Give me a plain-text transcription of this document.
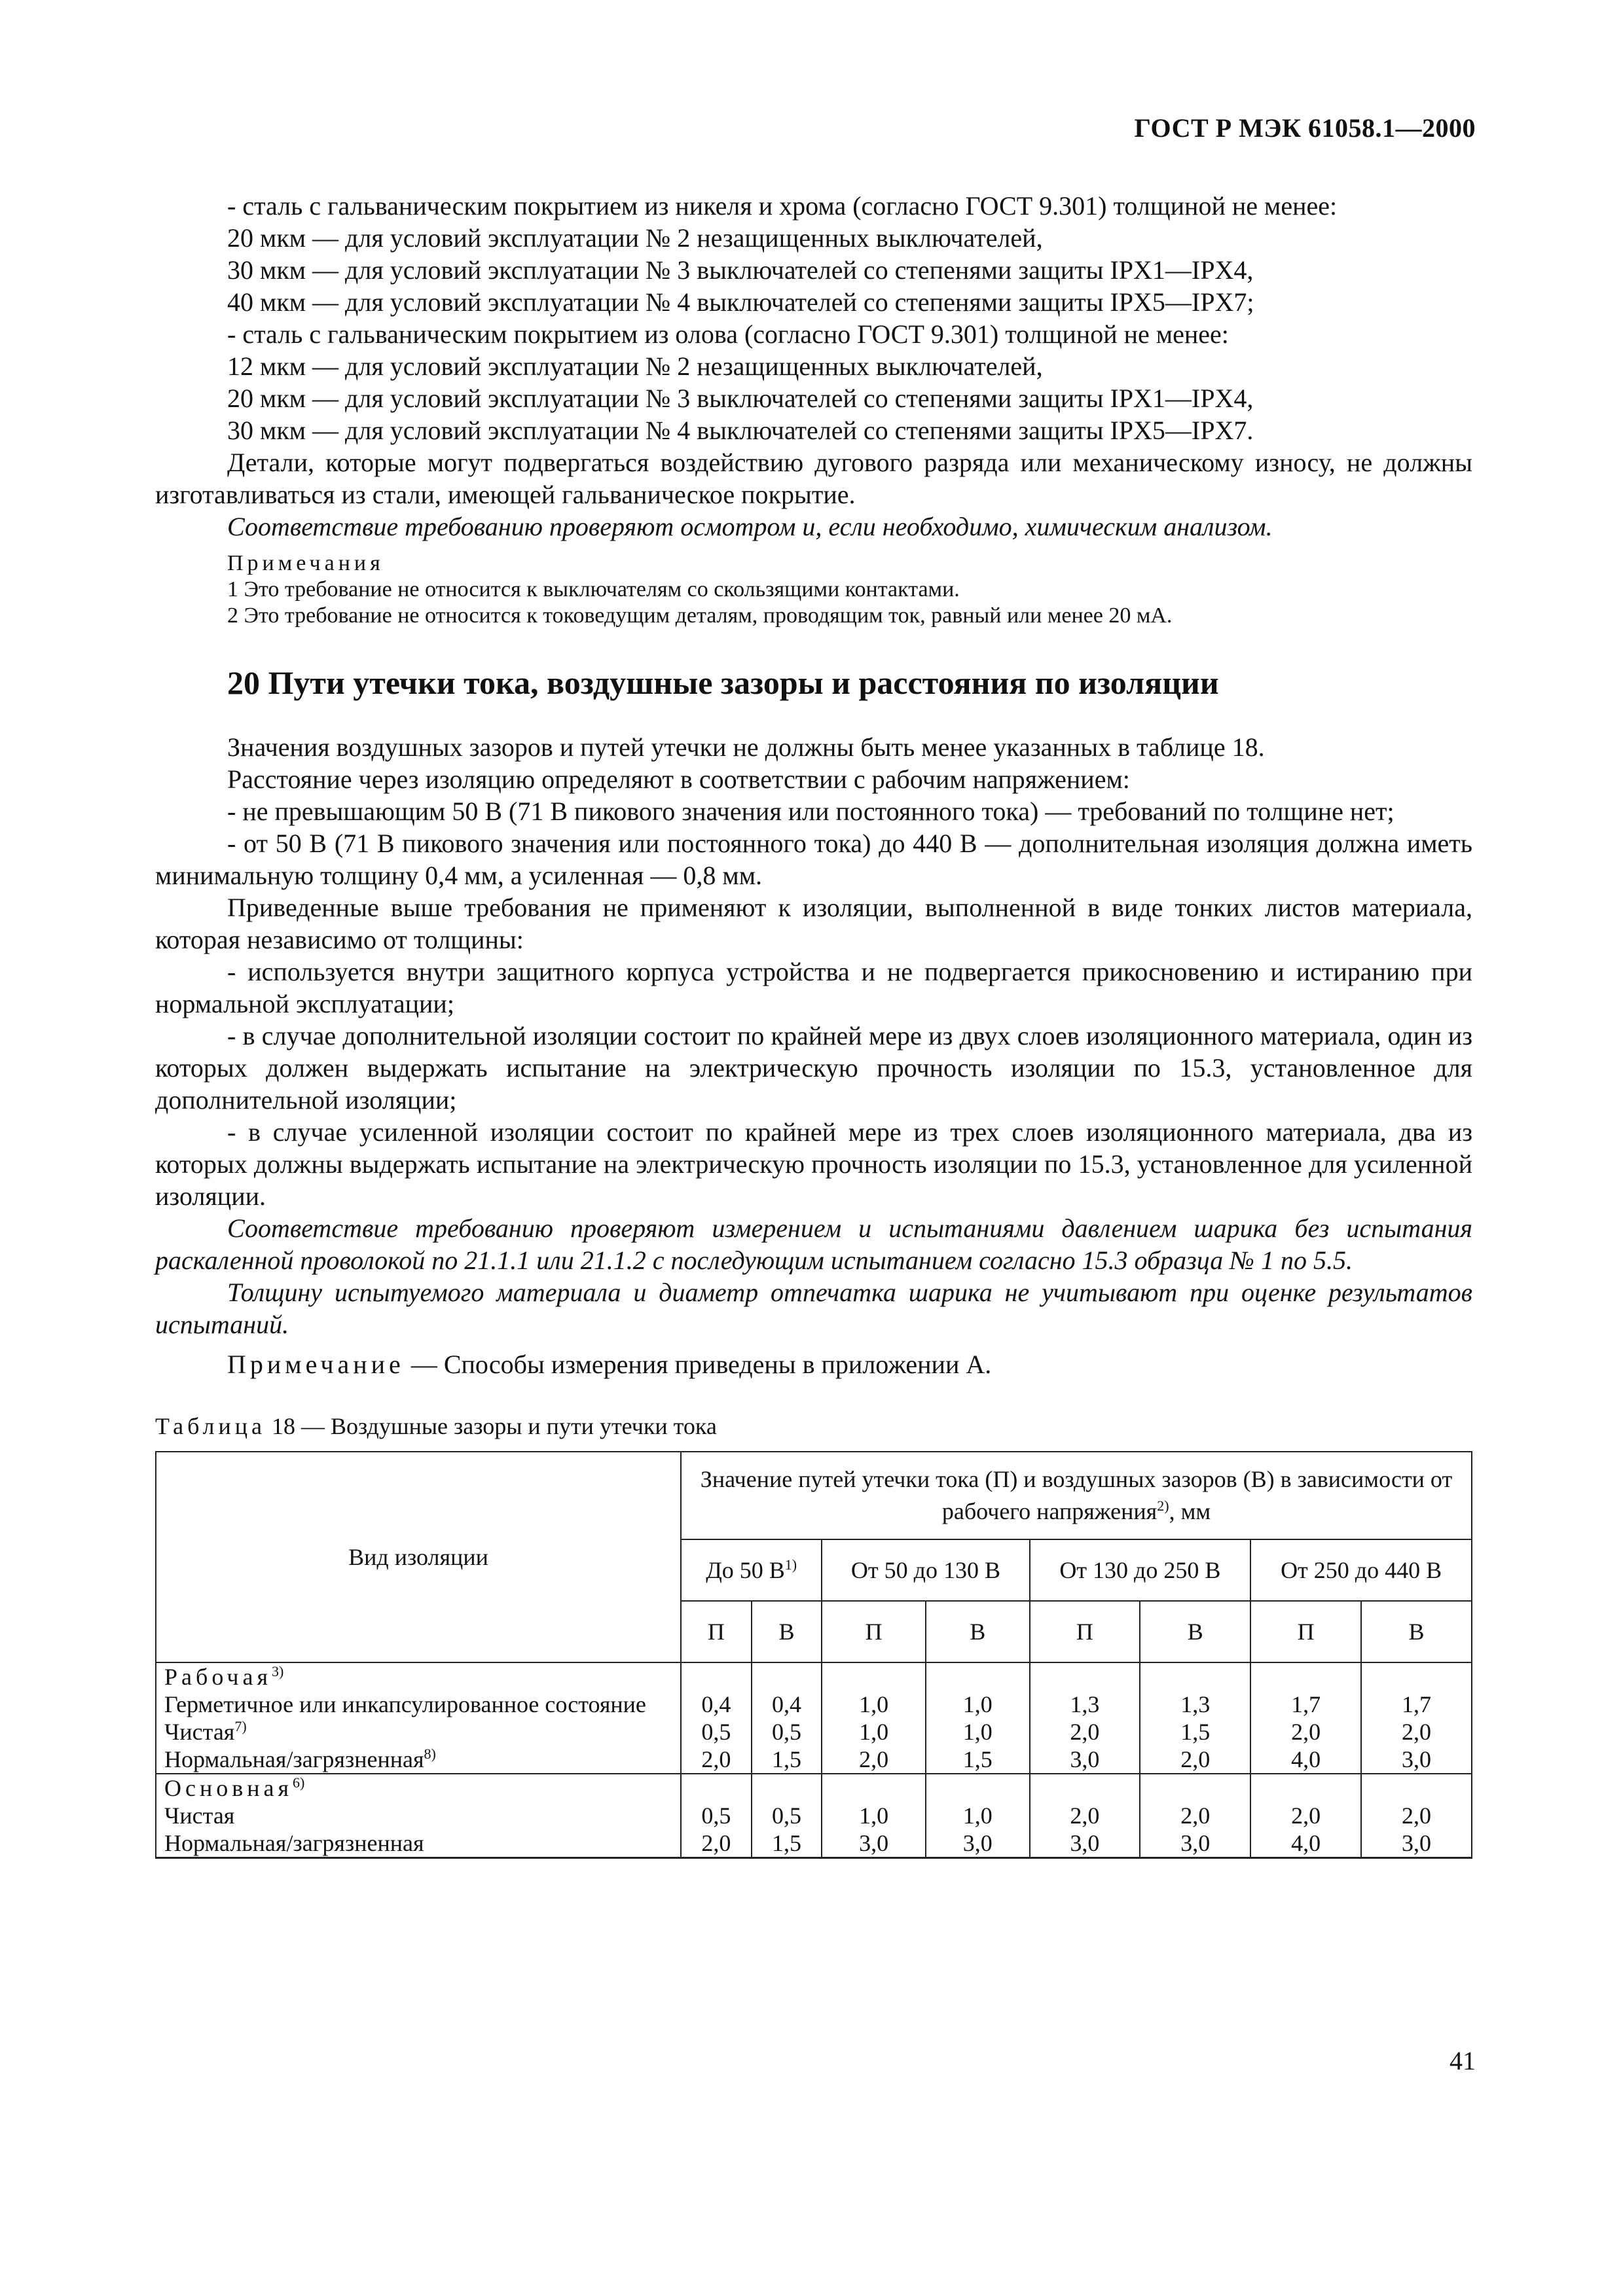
ГОСТ Р МЭК 61058.1—2000

- сталь с гальваническим покрытием из никеля и хрома (согласно ГОСТ 9.301) толщиной не менее:

20 мкм — для условий эксплуатации № 2 незащищенных выключателей,

30 мкм — для условий эксплуатации № 3 выключателей со степенями защиты IPX1—IPX4,

40 мкм — для условий эксплуатации № 4 выключателей со степенями защиты IPX5—IPX7;

- сталь с гальваническим покрытием из олова (согласно ГОСТ 9.301) толщиной не менее:

12 мкм — для условий эксплуатации № 2 незащищенных выключателей,

20 мкм — для условий эксплуатации № 3 выключателей со степенями защиты IPX1—IPX4,

30 мкм — для условий эксплуатации № 4 выключателей со степенями защиты IPX5—IPX7.

Детали, которые могут подвергаться воздействию дугового разряда или механическому износу, не должны изготавливаться из стали, имеющей гальваническое покрытие.

Соответствие требованию проверяют осмотром и, если необходимо, химическим анализом.

Примечания

1 Это требование не относится к выключателям со скользящими контактами.

2 Это требование не относится к токоведущим деталям, проводящим ток, равный или менее 20 мА.

20 Пути утечки тока, воздушные зазоры и расстояния по изоляции

Значения воздушных зазоров и путей утечки не должны быть менее указанных в таблице 18.

Расстояние через изоляцию определяют в соответствии с рабочим напряжением:

- не превышающим 50 В (71 В пикового значения или постоянного тока) — требований по толщине нет;

- от 50 В (71 В пикового значения или постоянного тока) до 440 В — дополнительная изоляция должна иметь минимальную толщину 0,4 мм, а усиленная — 0,8 мм.

Приведенные выше требования не применяют к изоляции, выполненной в виде тонких листов материала, которая независимо от толщины:

- используется внутри защитного корпуса устройства и не подвергается прикосновению и истиранию при нормальной эксплуатации;

- в случае дополнительной изоляции состоит по крайней мере из двух слоев изоляционного материала, один из которых должен выдержать испытание на электрическую прочность изоляции по 15.3, установленное для дополнительной изоляции;

- в случае усиленной изоляции состоит по крайней мере из трех слоев изоляционного материала, два из которых должны выдержать испытание на электрическую прочность изоляции по 15.3, установленное для усиленной изоляции.

Соответствие требованию проверяют измерением и испытаниями давлением шарика без испытания раскаленной проволокой по 21.1.1 или 21.1.2 с последующим испытанием согласно 15.3 образца № 1 по 5.5.

Толщину испытуемого материала и диаметр отпечатка шарика не учитывают при оценке результатов испытаний.

Примечание — Способы измерения приведены в приложении А.

Таблица 18 — Воздушные зазоры и пути утечки тока
Вид изоляции	Значение путей утечки тока (П) и воздушных зазоров (В) в зависимости от рабочего напряжения$^{2)}$, мм							
	До 50 $В^{1)}$		От 50 до 130 В		От 130 до 250 В		От 250 до 440 В	
	П	В	П	В	П	В	П	В
Рабочая$^{3)}$								
Герметичное или инкапсулированное состояние	0,4	0,4	1,0	1,0	1,3	1,3	1,7	1,7
Чистая$^{7)}$	0,5	0,5	1,0	1,0	2,0	1,5	2,0	2,0
Нормальная/загрязненная$^{8)}$	2,0	1,5	2,0	1,5	3,0	2,0	4,0	3,0
Основная$^{6)}$								
Чистая	0,5	0,5	1,0	1,0	2,0	2,0	2,0	2,0
Нормальная/загрязненная	2,0	1,5	3,0	3,0	3,0	3,0	4,0	3,0
41
